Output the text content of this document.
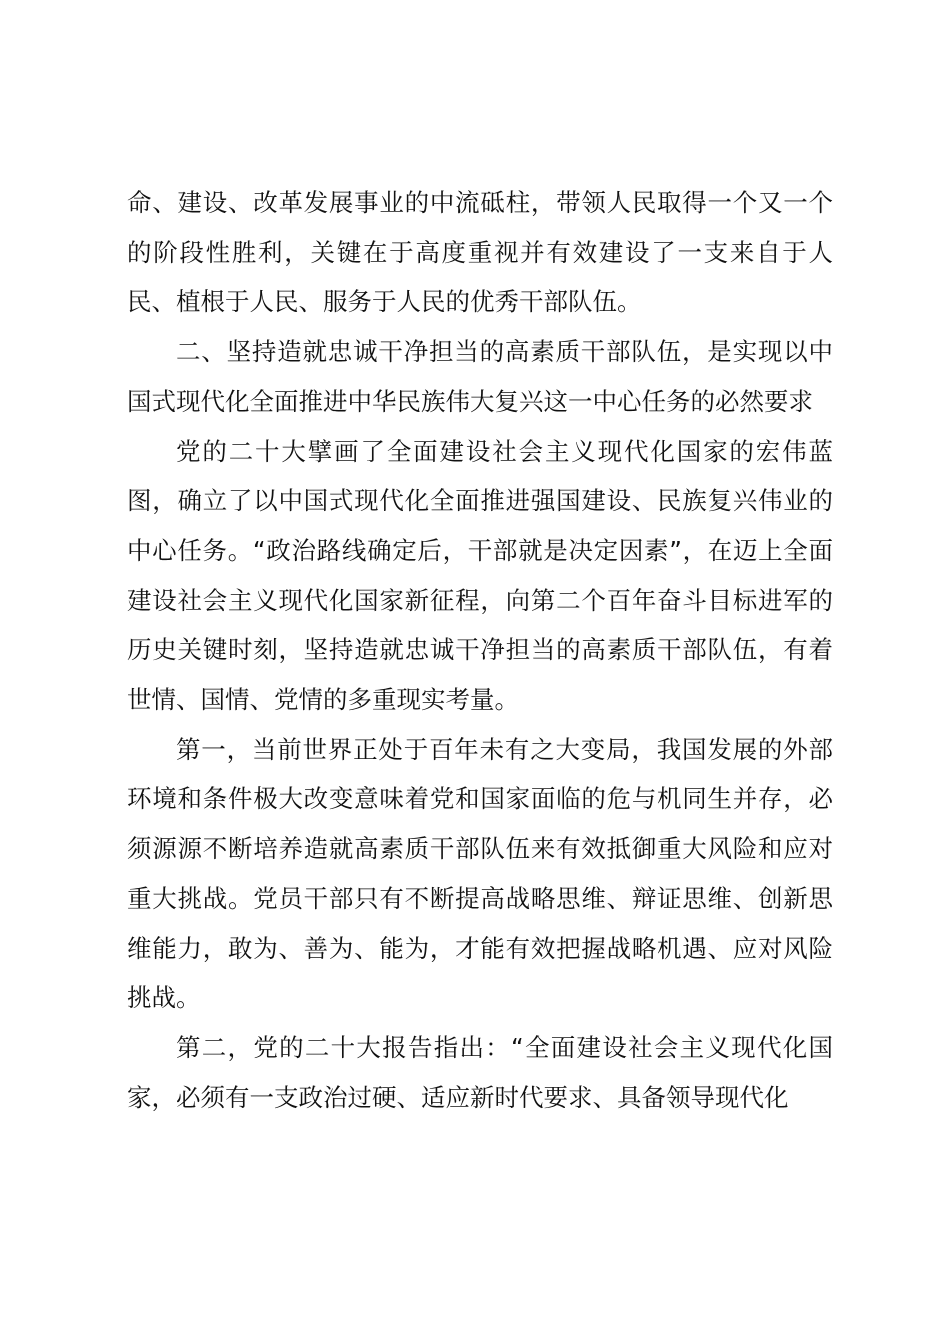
命、建设、改革发展事业的中流砥柱，带领人民取得一个又一个的阶段性胜利，关键在于高度重视并有效建设了一支来自于人民、植根于人民、服务于人民的优秀干部队伍。

二、坚持造就忠诚干净担当的高素质干部队伍，是实现以中国式现代化全面推进中华民族伟大复兴这一中心任务的必然要求

党的二十大擘画了全面建设社会主义现代化国家的宏伟蓝图，确立了以中国式现代化全面推进强国建设、民族复兴伟业的中心任务。“政治路线确定后，干部就是决定因素”，在迈上全面建设社会主义现代化国家新征程，向第二个百年奋斗目标进军的历史关键时刻，坚持造就忠诚干净担当的高素质干部队伍，有着世情、国情、党情的多重现实考量。

第一，当前世界正处于百年未有之大变局，我国发展的外部环境和条件极大改变意味着党和国家面临的危与机同生并存，必须源源不断培养造就高素质干部队伍来有效抵御重大风险和应对重大挑战。党员干部只有不断提高战略思维、辩证思维、创新思维能力，敢为、善为、能为，才能有效把握战略机遇、应对风险挑战。

第二，党的二十大报告指出：“全面建设社会主义现代化国家，必须有一支政治过硬、适应新时代要求、具备领导现代化
